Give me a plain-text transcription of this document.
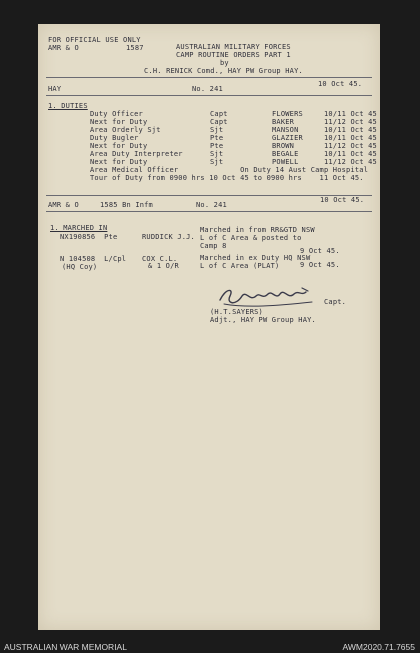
FOR OFFICIAL USE ONLY
AMR & O	1587	AUSTRALIAN MILITARY FORCES
CAMP ROUTINE ORDERS PART 1
by
C.H. RENICK Comd., HAY PW Group HAY.
HAY	No. 241
10 Oct 45.
1. DUTIES
Duty Officer	Capt	FLOWERS	10/11 Oct 45
Next for Duty	Capt	BAKER	11/12 Oct 45
Area Orderly Sjt	Sjt	MANSON	10/11 Oct 45
Duty Bugler	Pte	GLAZIER	10/11 Oct 45
Next for Duty	Pte	BROWN	11/12 Oct 45
Area Duty Interpreter	Sjt	BEGALE	10/11 Oct 45
Next for Duty	Sjt	POWELL	11/12 Oct 45
Area Medical Officer              On Duty 14 Aust Camp Hospital
Tour of Duty from 0900 hrs 10 Oct 45 to 0900 hrs    11 Oct 45.
AMR & O	1585 Bn Infm	No. 241
10 Oct 45.
1. MARCHED IN
NX190856  Pte	RUDDICK J.J.
Marched in from RR&GTD NSW
L of C Area & posted to
Camp 8
9 Oct 45.
N 104508  L/Cpl COX C.L.
(HQ Coy)	& 1 O/R
Marched in ex Duty HQ NSW
L of C Area (PLAT)	9 Oct 45.
Capt.
(H.T.SAYERS)
Adjt., HAY PW Group HAY.
AUSTRALIAN WAR MEMORIAL	AWM2020.71.7655
